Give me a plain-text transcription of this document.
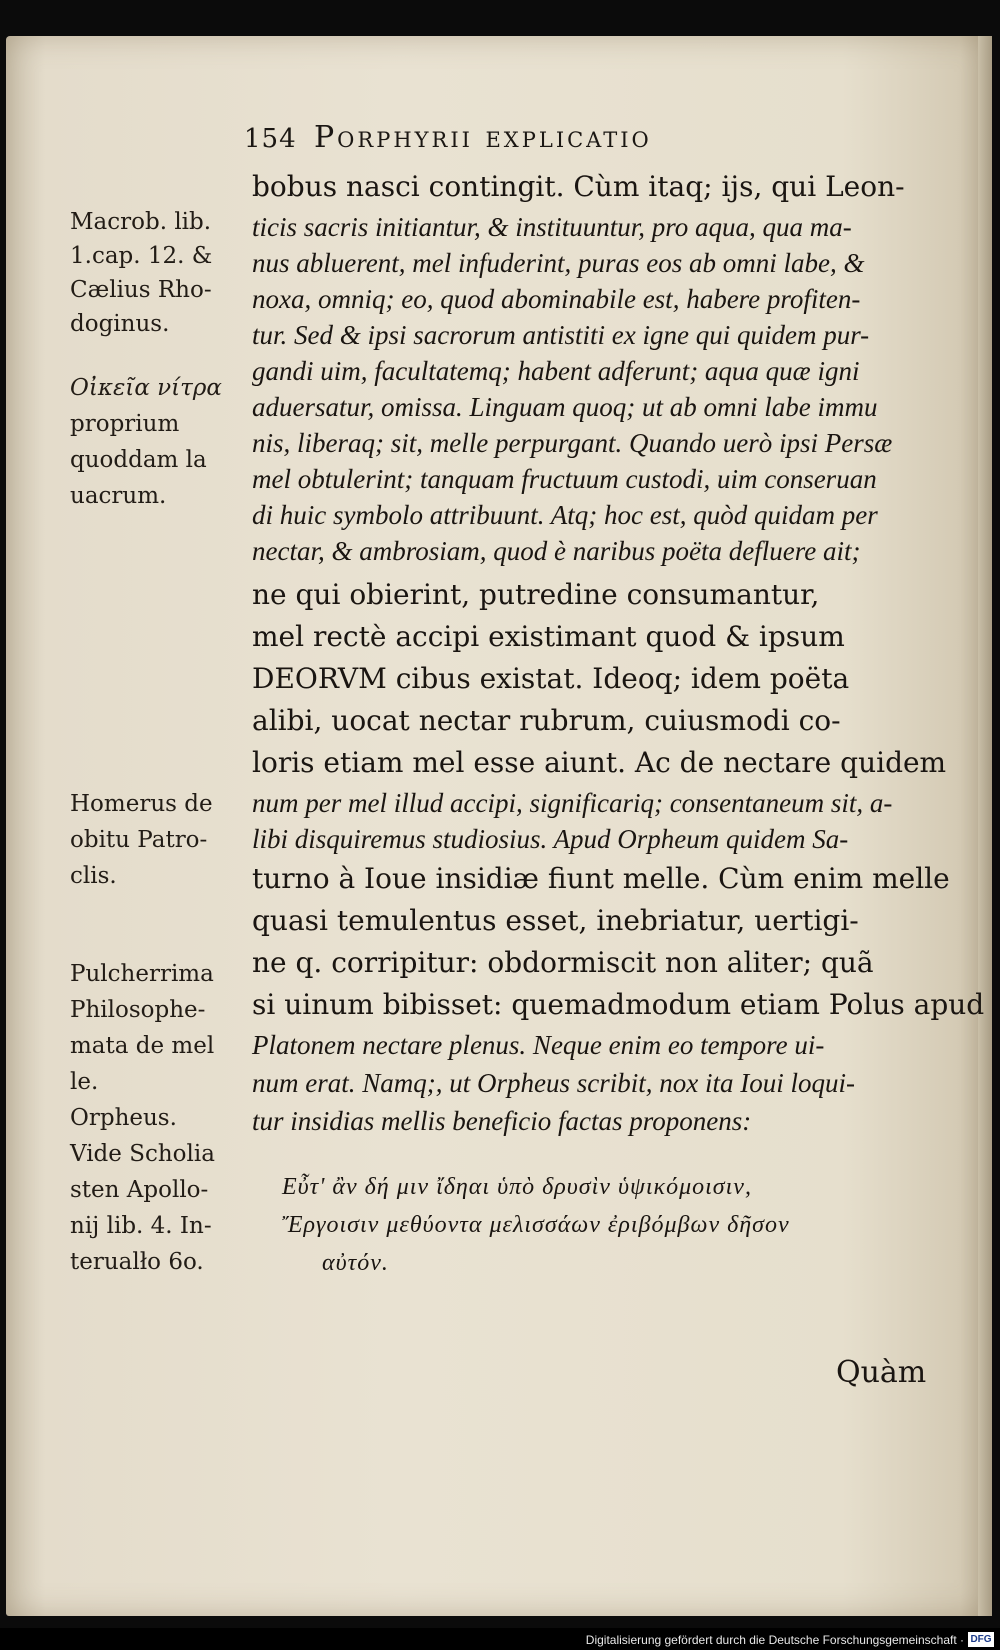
154 Porphyrii explicatio
Macrob. lib.
1.cap. 12. &
Cælius Rho-
doginus.
Οἰκεῖα νίτρα
proprium
quoddam la
uacrum.
Homerus de
obitu Patro-
clis.
Pulcherrima
Philosophe-
mata de mel
le.
Orpheus.
Vide Scholia
sten Apollo-
nij lib. 4. In-
terualło 6o.
bobus nasci contingit. Cùm itaq; ijs, qui Leon-
ticis sacris initiantur, & instituuntur, pro aqua, qua ma-
nus abluerent, mel infuderint, puras eos ab omni labe, &
noxa, omniq; eo, quod abominabile est, habere profiten-
tur. Sed & ipsi sacrorum antistiti ex igne qui quidem pur-
gandi uim, facultatemq; habent adferunt; aqua quæ igni
aduersatur, omissa. Linguam quoq; ut ab omni labe immu
nis, liberaq; sit, melle perpurgant. Quando uerò ipsi Persæ
mel obtulerint; tanquam fructuum custodi, uim conseruan
di huic symbolo attribuunt. Atq; hoc est, quòd quidam per
nectar, & ambrosiam, quod è naribus poëta defluere ait;
ne qui obierint, putredine consumantur,
mel rectè accipi existimant quod & ipsum
DEORVM cibus existat. Ideoq; idem poëta
alibi, uocat nectar rubrum, cuiusmodi co-
loris etiam mel esse aiunt. Ac de nectare quidem
num per mel illud accipi, significariq; consentaneum sit, a-
libi disquiremus studiosius. Apud Orpheum quidem Sa-
turno à Ioue insidiæ fiunt melle. Cùm enim melle
quasi temulentus esset, inebriatur, uertigi-
ne q. corripitur: obdormiscit non aliter; quã
si uinum bibisset: quemadmodum etiam Polus apud
Platonem nectare plenus. Neque enim eo tempore ui-
num erat. Namq;, ut Orpheus scribit, nox ita Ioui loqui-
tur insidias mellis beneficio factas proponens:
Εὖτ' ἂν δή μιν ἴδηαι ὑπὸ δρυσὶν ὑψικόμοισιν,
Ἔργοισιν μεθύοντα μελισσάων ἐριβόμβων δῆσον
αὐτόν.
Quàm
Digitalisierung gefördert durch die Deutsche Forschungsgemeinschaft · DFG
